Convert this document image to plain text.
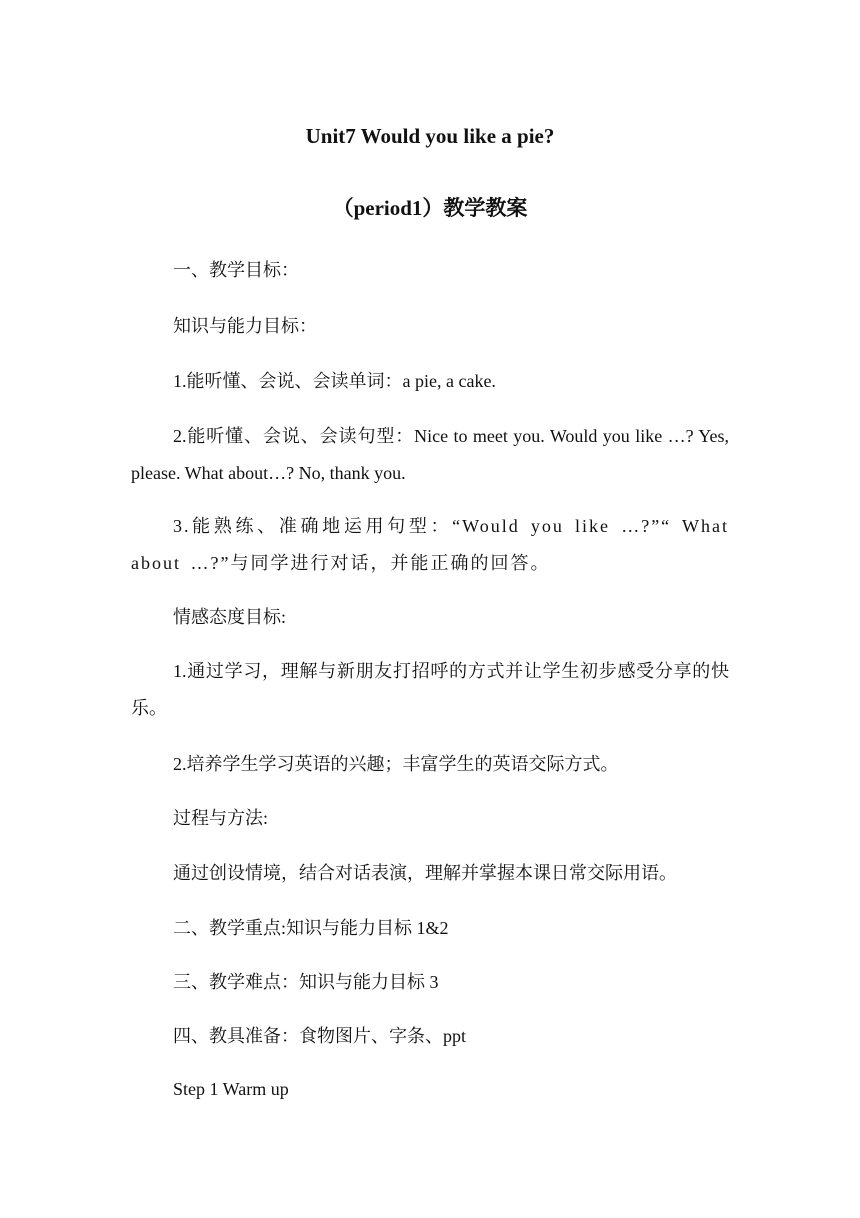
Unit7 Would you like a pie?
（period1）教学教案

一、教学目标：

知识与能力目标：

1.能听懂、会说、会读单词：a pie, a cake.

2.能听懂、会说、会读句型：Nice to meet you. Would you like …? Yes, please. What about…? No, thank you.

3.能熟练、准确地运用句型：“Would you like …?”“ What about …?”与同学进行对话，并能正确的回答。

情感态度目标:

1.通过学习，理解与新朋友打招呼的方式并让学生初步感受分享的快乐。

2.培养学生学习英语的兴趣；丰富学生的英语交际方式。

过程与方法:

通过创设情境，结合对话表演，理解并掌握本课日常交际用语。

二、教学重点:知识与能力目标 1&2

三、教学难点：知识与能力目标 3

四、教具准备：食物图片、字条、ppt

Step 1 Warm up
